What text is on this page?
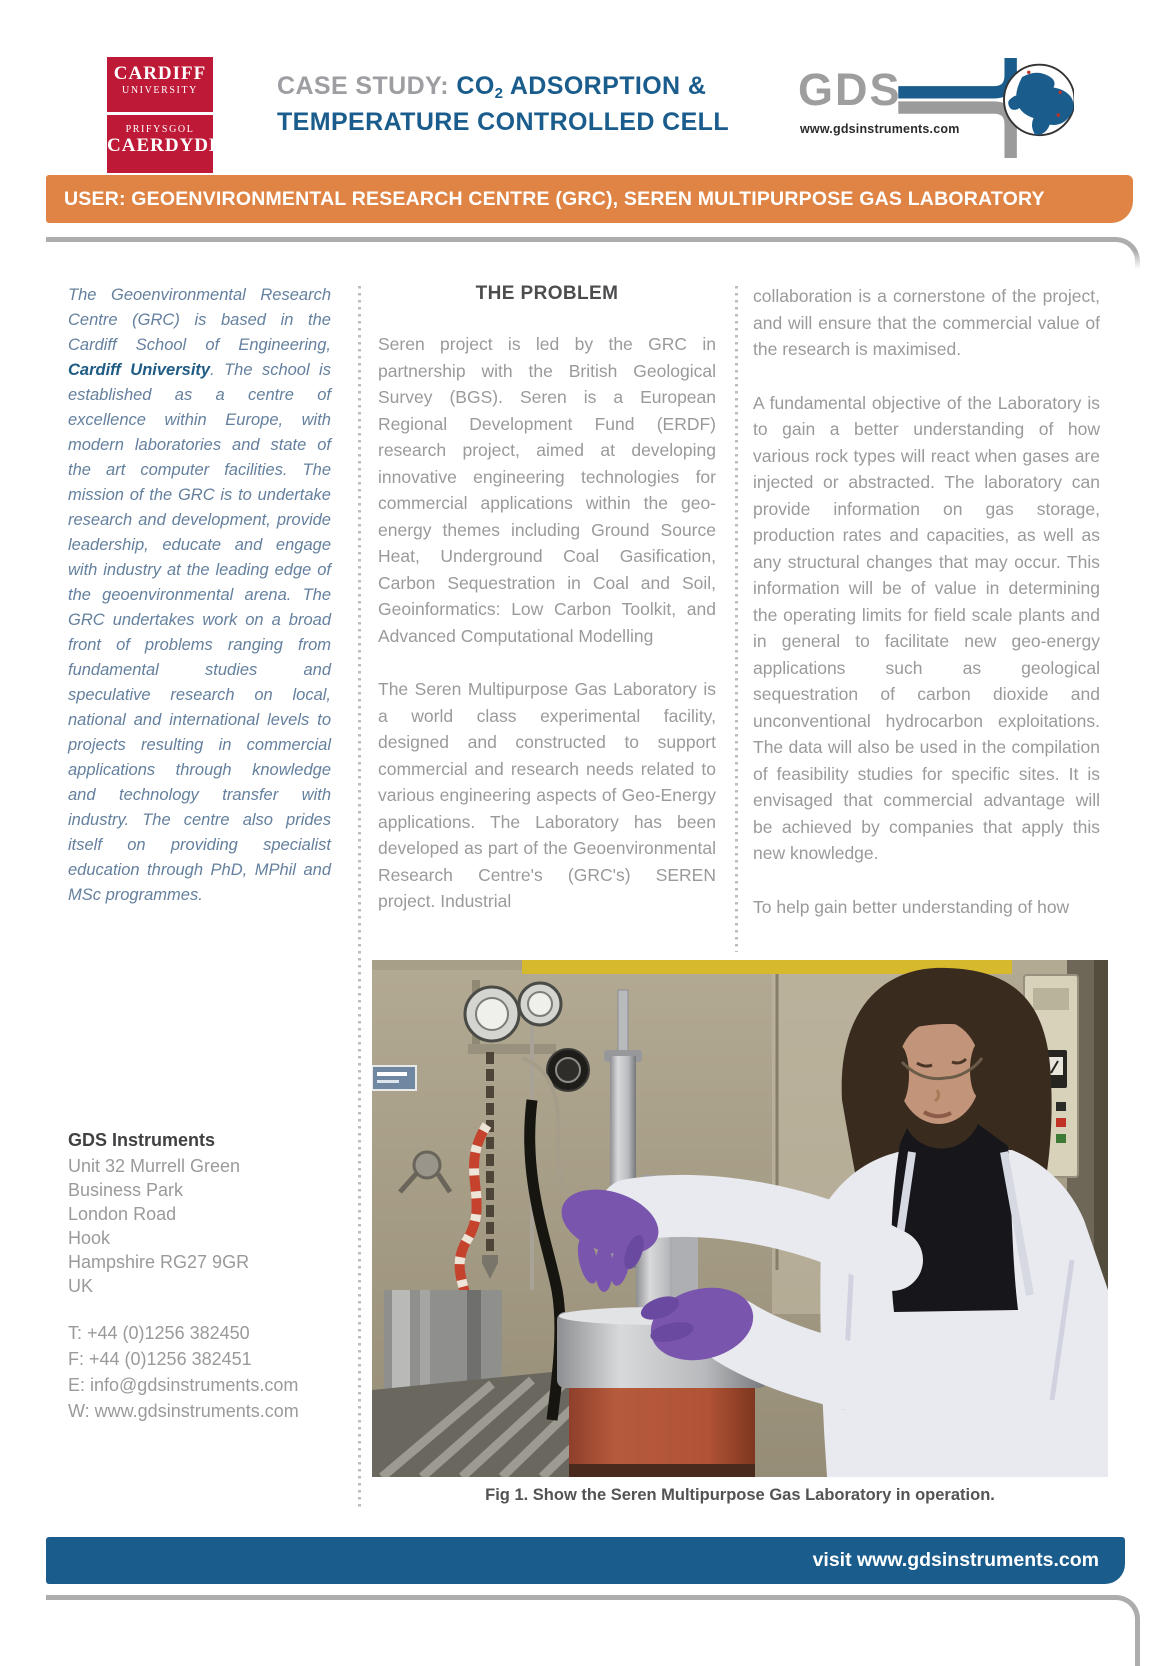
CARDIFF
UNIVERSITY
PRIFYSGOL
CAERDYDD
CASE STUDY: CO2 ADSORPTION &
TEMPERATURE CONTROLLED CELL
GDS
www.gdsinstruments.com
USER: GEOENVIRONMENTAL RESEARCH CENTRE (GRC), SEREN MULTIPURPOSE GAS LABORATORY
The Geoenvironmental Research Centre (GRC) is based in the Cardiff School of Engineering, Cardiff University. The school is established as a centre of excellence within Europe, with modern laboratories and state of the art computer facilities. The mission of the GRC is to undertake research and development, provide leadership, educate and engage with industry at the leading edge of the geoenvironmental arena. The GRC undertakes work on a broad front of problems ranging from fundamental studies and speculative research on local, national and international levels to projects resulting in commercial applications through knowledge and technology transfer with industry. The centre also prides itself on providing specialist education through PhD, MPhil and MSc programmes.
THE PROBLEM

Seren project is led by the GRC in partnership with the British Geological Survey (BGS). Seren is a European Regional Development Fund (ERDF) research project, aimed at developing innovative engineering technologies for commercial applications within the geo-energy themes including Ground Source Heat, Underground Coal Gasification, Carbon Sequestration in Coal and Soil, Geoinformatics: Low Carbon Toolkit, and Advanced Computational Modelling

The Seren Multipurpose Gas Laboratory is a world class experimental facility, designed and constructed to support commercial and research needs related to various engineering aspects of Geo-Energy applications. The Laboratory has been developed as part of the Geoenvironmental Research Centre's (GRC's) SEREN project. Industrial

collaboration is a cornerstone of the project, and will ensure that the commercial value of the research is maximised.

A fundamental objective of the Laboratory is to gain a better understanding of how various rock types will react when gases are injected or abstracted. The laboratory can provide information on gas storage, production rates and capacities, as well as any structural changes that may occur. This information will be of value in determining the operating limits for field scale plants and in general to facilitate new geo-energy applications such as geological sequestration of carbon dioxide and unconventional hydrocarbon exploitations. The data will also be used in the compilation of feasibility studies for specific sites. It is envisaged that commercial advantage will be achieved by companies that apply this new knowledge.

To help gain better understanding of how

GDS Instruments
Unit 32 Murrell Green
Business Park
London Road
Hook
Hampshire RG27 9GR
UK
T: +44 (0)1256 382450
F: +44 (0)1256 382451
E: info@gdsinstruments.com
W: www.gdsinstruments.com
Fig 1. Show the Seren Multipurpose Gas Laboratory in operation.
visit www.gdsinstruments.com
